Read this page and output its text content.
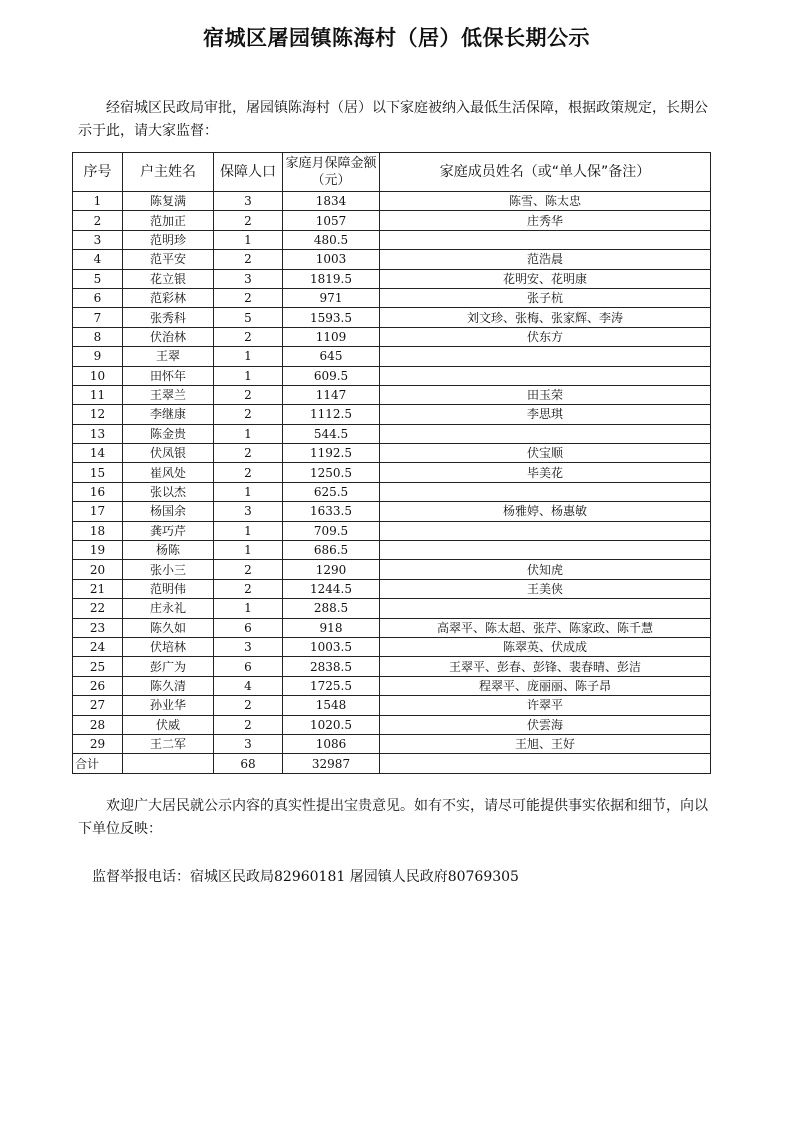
宿城区屠园镇陈海村（居）低保长期公示

经宿城区民政局审批，屠园镇陈海村（居）以下家庭被纳入最低生活保障，根据政策规定，长期公示于此，请大家监督：

序号	户主姓名	保障人口	家庭月保障金额（元）	家庭成员姓名（或“单人保”备注）
1	陈复满	3	1834	陈雪、陈太忠
2	范加正	2	1057	庄秀华
3	范明珍	1	480.5	
4	范平安	2	1003	范浩晨
5	花立银	3	1819.5	花明安、花明康
6	范彩林	2	971	张子杭
7	张秀科	5	1593.5	刘文珍、张梅、张家辉、李涛
8	伏治林	2	1109	伏东方
9	王翠	1	645	
10	田怀年	1	609.5	
11	王翠兰	2	1147	田玉荣
12	李继康	2	1112.5	李思琪
13	陈金贵	1	544.5	
14	伏凤银	2	1192.5	伏宝顺
15	崔风处	2	1250.5	毕美花
16	张以杰	1	625.5	
17	杨国余	3	1633.5	杨雅婷、杨惠敏
18	龚巧芹	1	709.5	
19	杨陈	1	686.5	
20	张小三	2	1290	伏知虎
21	范明伟	2	1244.5	王美侠
22	庄永礼	1	288.5	
23	陈久如	6	918	高翠平、陈太超、张芹、陈家政、陈千慧
24	伏培林	3	1003.5	陈翠英、伏成成
25	彭广为	6	2838.5	王翠平、彭春、彭锋、裴春晴、彭洁
26	陈久清	4	1725.5	程翠平、庞丽丽、陈子昂
27	孙业华	2	1548	许翠平
28	伏威	2	1020.5	伏雲海
29	王二军	3	1086	王旭、王好
合计		68	32987	

欢迎广大居民就公示内容的真实性提出宝贵意见。如有不实，请尽可能提供事实依据和细节，向以下单位反映：

监督举报电话：宿城区民政局82960181 屠园镇人民政府80769305
